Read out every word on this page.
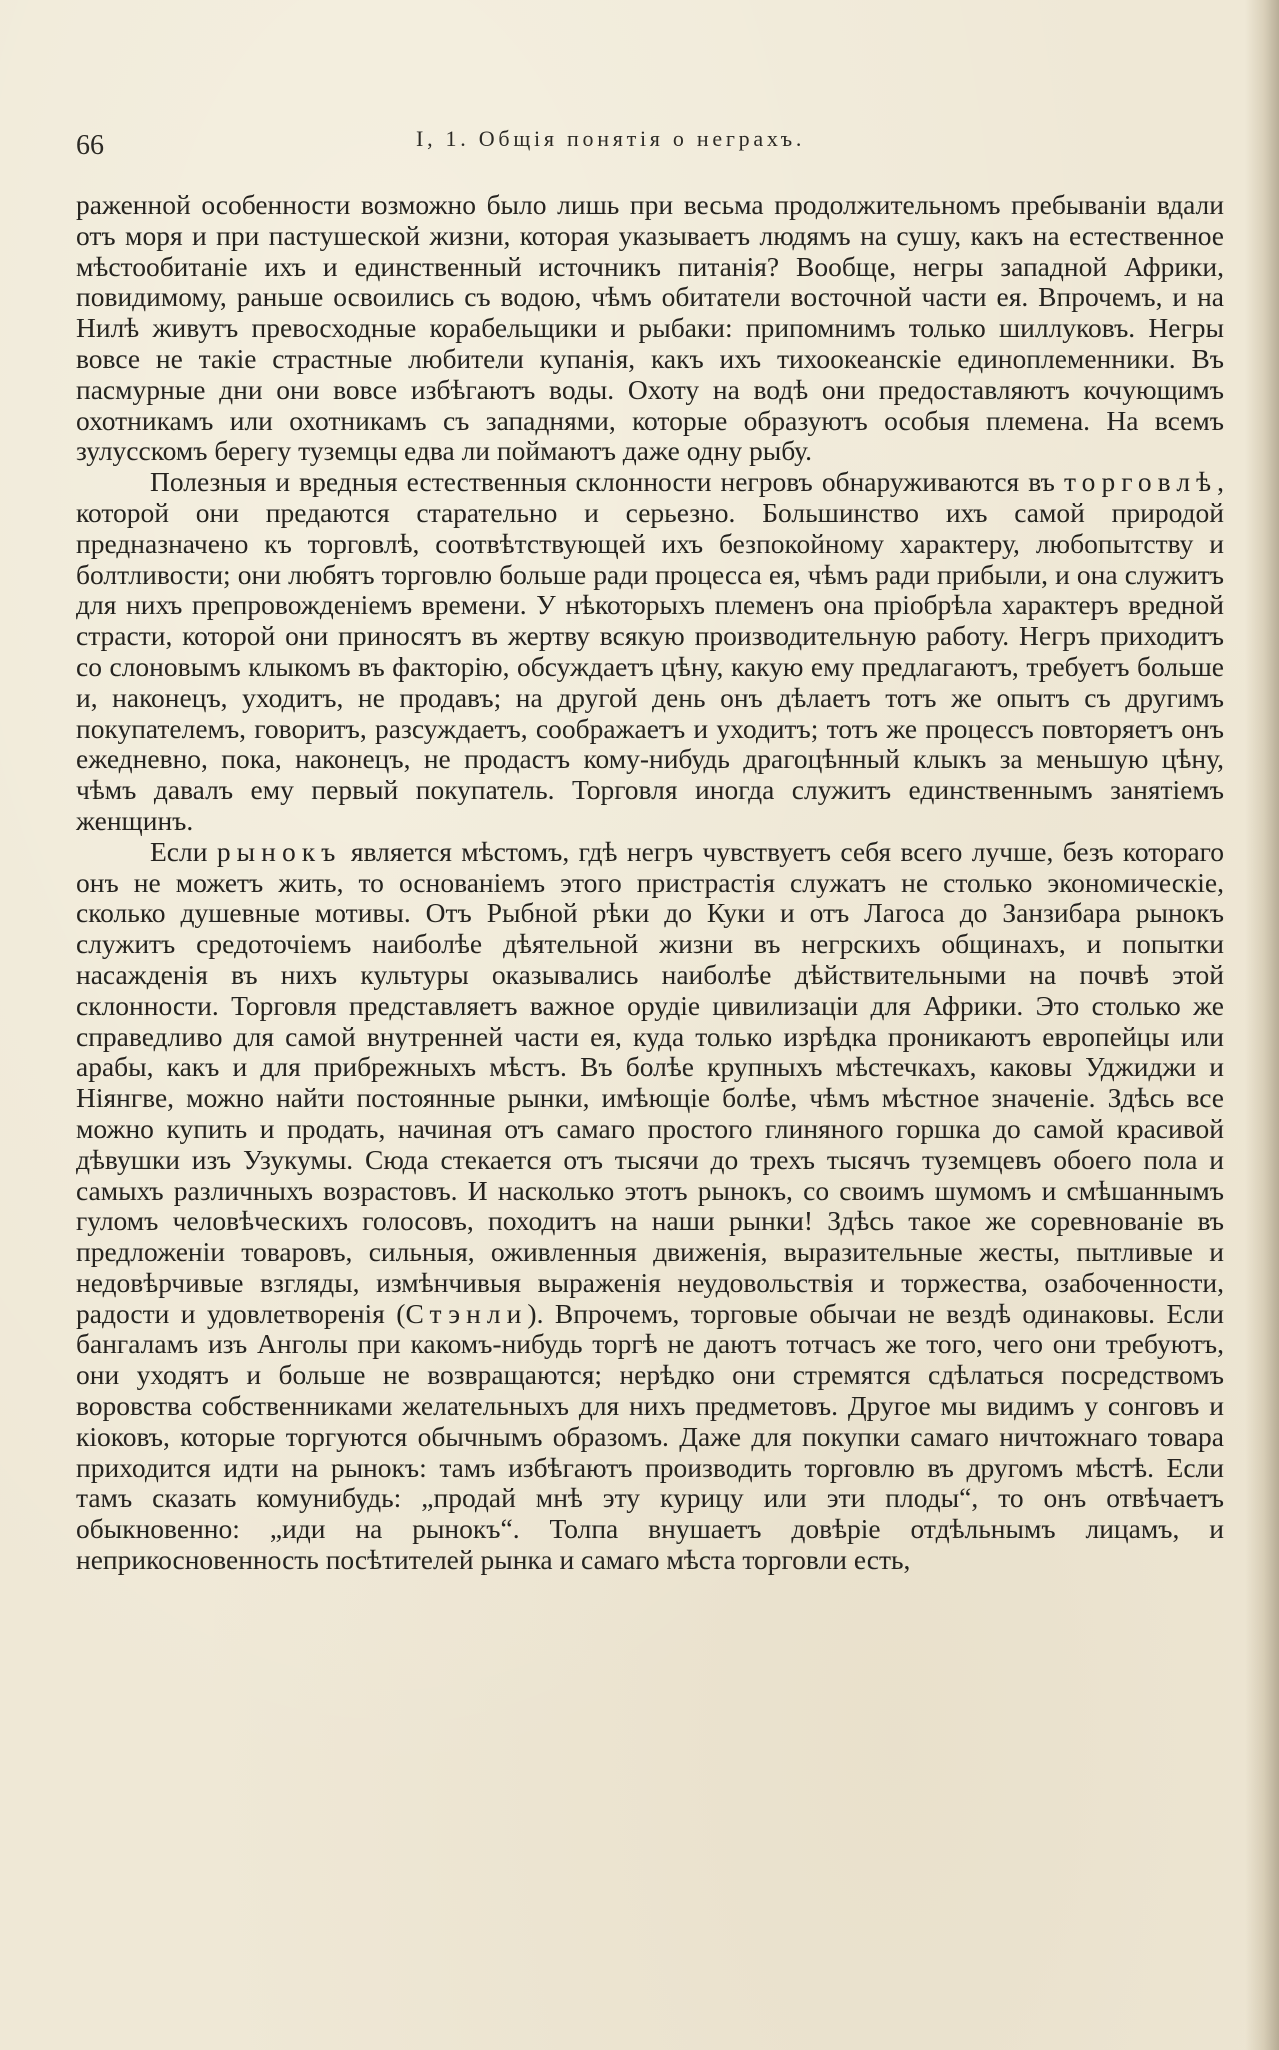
66	I, 1. Общія понятія о неграхъ.

раженной особенности возможно было лишь при весьма продолжительномъ пребываніи вдали отъ моря и при пастушеской жизни, которая указываетъ людямъ на сушу, какъ на естественное мѣстообитаніе ихъ и единственный источникъ питанія? Вообще, негры западной Африки, повидимому, раньше освоились съ водою, чѣмъ обитатели восточной части ея. Впрочемъ, и на Нилѣ живутъ превосходные корабельщики и рыбаки: припомнимъ только шиллуковъ. Негры вовсе не такіе страстные любители купанія, какъ ихъ тихоокеанскіе единоплеменники. Въ пасмурные дни они вовсе избѣгаютъ воды. Охоту на водѣ они предоставляютъ кочующимъ охотникамъ или охотникамъ съ западнями, которые образуютъ особыя племена. На всемъ зулусскомъ берегу туземцы едва ли поймаютъ даже одну рыбу.

Полезныя и вредныя естественныя склонности негровъ обнаруживаются въ торговлѣ, которой они предаются старательно и серьезно. Большинство ихъ самой природой предназначено къ торговлѣ, соотвѣтствующей ихъ безпокойному характеру, любопытству и болтливости; они любятъ торговлю больше ради процесса ея, чѣмъ ради прибыли, и она служитъ для нихъ препровожденіемъ времени. У нѣкоторыхъ племенъ она пріобрѣла характеръ вредной страсти, которой они приносятъ въ жертву всякую производительную работу. Негръ приходитъ со слоновымъ клыкомъ въ факторію, обсуждаетъ цѣну, какую ему предлагаютъ, требуетъ больше и, наконецъ, уходитъ, не продавъ; на другой день онъ дѣлаетъ тотъ же опытъ съ другимъ покупателемъ, говоритъ, разсуждаетъ, соображаетъ и уходитъ; тотъ же процессъ повторяетъ онъ ежедневно, пока, наконецъ, не продастъ кому-нибудь драгоцѣнный клыкъ за меньшую цѣну, чѣмъ давалъ ему первый покупатель. Торговля иногда служитъ единственнымъ занятіемъ женщинъ.

Если рынокъ является мѣстомъ, гдѣ негръ чувствуетъ себя всего лучше, безъ котораго онъ не можетъ жить, то основаніемъ этого пристрастія служатъ не столько экономическіе, сколько душевные мотивы. Отъ Рыбной рѣки до Куки и отъ Лагоса до Занзибара рынокъ служитъ средоточіемъ наиболѣе дѣятельной жизни въ негрскихъ общинахъ, и попытки насажденія въ нихъ культуры оказывались наиболѣе дѣйствительными на почвѣ этой склонности. Торговля представляетъ важное орудіе цивилизаціи для Африки. Это столько же справедливо для самой внутренней части ея, куда только изрѣдка проникаютъ европейцы или арабы, какъ и для прибрежныхъ мѣстъ. Въ болѣе крупныхъ мѣстечкахъ, каковы Уджиджи и Ніянгве, можно найти постоянные рынки, имѣющіе болѣе, чѣмъ мѣстное значеніе. Здѣсь все можно купить и продать, начиная отъ самаго простого глиняного горшка до самой красивой дѣвушки изъ Узукумы. Сюда стекается отъ тысячи до трехъ тысячъ туземцевъ обоего пола и самыхъ различныхъ возрастовъ. И насколько этотъ рынокъ, со своимъ шумомъ и смѣшаннымъ гуломъ человѣческихъ голосовъ, походитъ на наши рынки! Здѣсь такое же соревнованіе въ предложеніи товаровъ, сильныя, оживленныя движенія, выразительные жесты, пытливые и недовѣрчивые взгляды, измѣнчивыя выраженія неудовольствія и торжества, озабоченности, радости и удовлетворенія (Стэнли). Впрочемъ, торговые обычаи не вездѣ одинаковы. Если бангаламъ изъ Анголы при какомъ-нибудь торгѣ не даютъ тотчасъ же того, чего они требуютъ, они уходятъ и больше не возвращаются; нерѣдко они стремятся сдѣлаться посредствомъ воровства собственниками желательныхъ для нихъ предметовъ. Другое мы видимъ у сонговъ и кіоковъ, которые торгуются обычнымъ образомъ. Даже для покупки самаго ничтожнаго товара приходится идти на рынокъ: тамъ избѣгаютъ производить торговлю въ другомъ мѣстѣ. Если тамъ сказать комунибудь: „продай мнѣ эту курицу или эти плоды“, то онъ отвѣчаетъ обыкновенно: „иди на рынокъ“. Толпа внушаетъ довѣріе отдѣльнымъ лицамъ, и неприкосновенность посѣтителей рынка и самаго мѣста торговли есть,
